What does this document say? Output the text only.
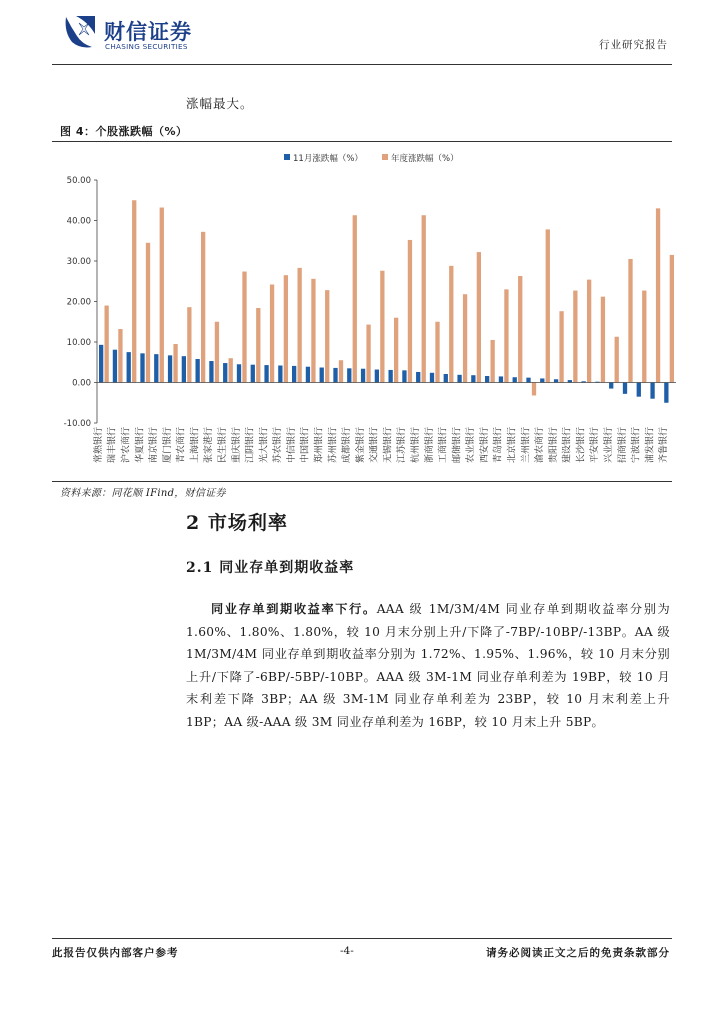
财信证券
CHASING SECURITIES	行业研究报告
涨幅最大。
图 4：个股涨跌幅（%）
11月涨跌幅（%）	年度涨跌幅（%）
-10.00
0.00
10.00
20.00
30.00
40.00
50.00
常熟银行 瑞丰银行 沪农商行 华夏银行 南京银行 厦门银行 青农商行 上海银行 张家港行 民生银行 重庆银行 江阴银行 光大银行 苏农银行 中信银行 中国银行 郑州银行 苏州银行 成都银行 紫金银行 交通银行 无锡银行 江苏银行 杭州银行 浙商银行 工商银行 邮储银行 农业银行 西安银行 青岛银行 北京银行 兰州银行 渝农商行 贵阳银行 建设银行 长沙银行 平安银行 兴业银行 招商银行 宁波银行 浦发银行 齐鲁银行
资料来源：同花顺 IFind，财信证券
2 市场利率
2.1 同业存单到期收益率
同业存单到期收益率下行。AAA 级 1M/3M/4M 同业存单到期收益率分别为 1.60%、1.80%、1.80%，较 10 月末分别上升/下降了-7BP/-10BP/-13BP。AA 级 1M/3M/4M 同业存单到期收益率分别为 1.72%、1.95%、1.96%，较 10 月末分别上升/下降了-6BP/-5BP/-10BP。AAA 级 3M-1M 同业存单利差为 19BP，较 10 月末利差下降 3BP；AA 级 3M-1M 同业存单利差为 23BP，较 10 月末利差上升 1BP；AA 级-AAA 级 3M 同业存单利差为 16BP，较 10 月末上升 5BP。
此报告仅供内部客户参考	-4-	请务必阅读正文之后的免责条款部分
